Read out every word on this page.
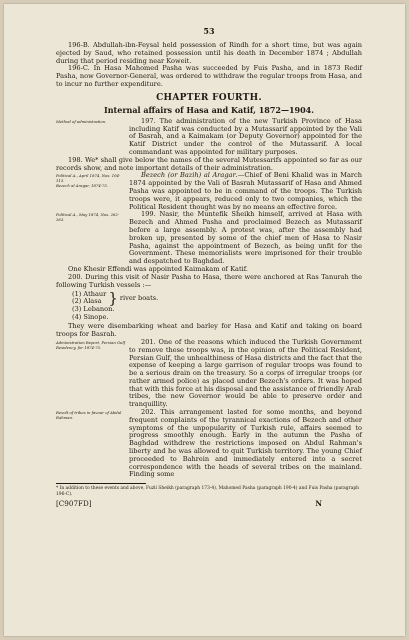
53

196-B. Abdullah-ibn-Feysal held possession of Rindh for a short time, but was again ejected by Saud, who retained possession until his death in December 1874 ; Abdullah during that period residing near Koweit.

196-C. In Hasa Mahomed Pasha was succeeded by Fuis Pasha, and in 1873 Redif Pasha, now Governor-General, was ordered to withdraw the regular troops from Hasa, and to incur no further expenditure.

CHAPTER FOURTH.
Internal affairs of Hasa and Katif, 1872—1904.
Method of administration.	197. The administration of the new Turkish Province of Hasa including Katif was conducted by a Mutassarif appointed by the Vali of Basrah, and a Kaimakam (or Deputy Governor) appointed for the Katif District under the control of the Mutassarif. A local commandant was appointed for military purposes.

198. We* shall give below the names of the several Mutessarifs appointed so far as our records show, and note important details of their administration.

Political A., April 1874, Nos. 104-115.
Bezech al Aragar, 1874-75.

Bezech (or Bazih) al Aragar.—Chief of Beni Khalid was in March 1874 appointed by the Vali of Basrah Mutassarif of Hasa and Ahmed Pasha was appointed to be in command of the troops. The Turkish troops were, it appears, reduced only to two companies, which the Political Resident thought was by no means an effective force.

Political A., May 1874, Nos. 262-263.

199. Nasir, the Muntefik Sheikh himself, arrived at Hasa with Bezech and Ahmed Pasha and proclaimed Bezech as Mutassarif before a large assembly. A protest was, after the assembly had broken up, presented by some of the chief men of Hasa to Nasir Pasha, against the appointment of Bezech, as being unfit for the Government. These memorialists were imprisoned for their trouble and despatched to Baghdad.

One Khesir Effendi was appointed Kaimakam of Katif.

200. During this visit of Nasir Pasha to Hasa, there were anchored at Ras Tanurah the following Turkish vessels :—

(1) Athaur
(2) Alasa } river boats.
(3) Lebanon.
(4) Sinope.

They were disembarking wheat and barley for Hasa and Katif and taking on board troops for Basrah.

Administration Report, Persian Gulf Residency, for 1874-75.

201. One of the reasons which induced the Turkish Government to remove these troops was, in the opinion of the Political Resident, Persian Gulf, the unhealthiness of Hasa districts and the fact that the expense of keeping a large garrison of regular troops was found to be a serious drain on the treasury. So a corps of irregular troops (or rather armed police) as placed under Bezech's orders. It was hoped that with this force at his disposal and the assistance of friendly Arab tribes, the new Governor would be able to preserve order and tranquillity.

Revolt of tribes in favour of Abdul Rahman.

202. This arrangement lasted for some months, and beyond frequent complaints of the tyrannical exactions of Bezech and other symptoms of the unpopularity of Turkish rule, affairs seemed to progress smoothly enough. Early in the autumn the Pasha of Baghdad withdrew the restrictions imposed on Abdul Rahman's liberty and he was allowed to quit Turkish territory. The young Chief proceeded to Bahrein and immediately entered into a secret correspondence with the heads of several tribes on the mainland. Finding some

* In addition to these events and above, Fuzli Sheikh (paragraph 173-4), Mahomed Pasha (paragraph 190-4) and Fuis Pasha (paragraph 196-C).
[C907FD]	N
